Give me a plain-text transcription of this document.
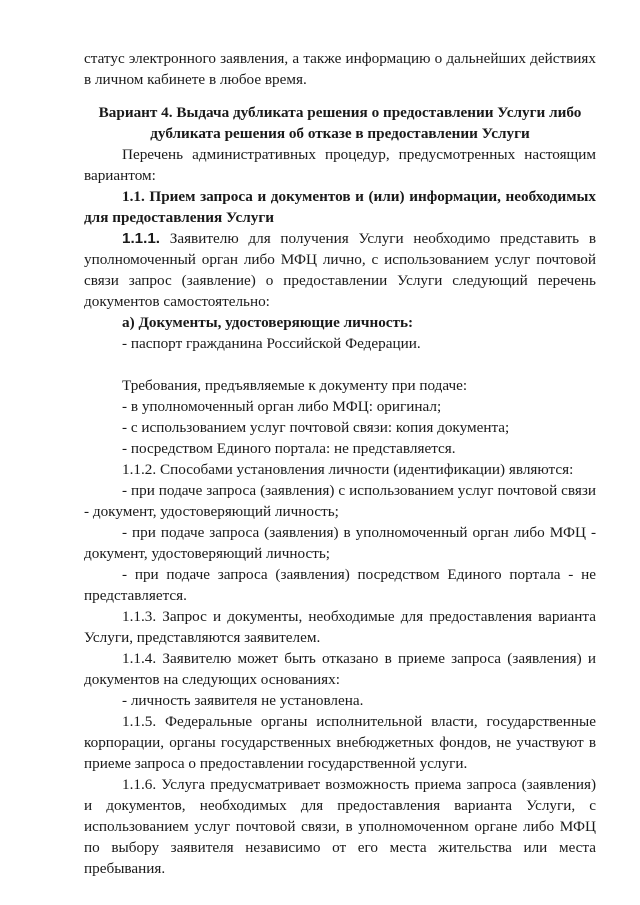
статус электронного заявления, а также информацию о дальнейших действиях в личном кабинете в любое время.

Вариант 4. Выдача дубликата решения о предоставлении Услуги либо дубликата решения об отказе в предоставлении Услуги

Перечень административных процедур, предусмотренных настоящим вариантом:

1.1. Прием запроса и документов и (или) информации, необходимых для предоставления Услуги

1.1.1. Заявителю для получения Услуги необходимо представить в уполномоченный орган либо МФЦ лично, с использованием услуг почтовой связи запрос (заявление) о предоставлении Услуги следующий перечень документов самостоятельно:

а) Документы, удостоверяющие личность:

- паспорт гражданина Российской Федерации.

Требования, предъявляемые к документу при подаче:

- в уполномоченный орган либо МФЦ: оригинал;

- с использованием услуг почтовой связи: копия документа;

- посредством Единого портала: не представляется.

1.1.2. Способами установления личности (идентификации) являются:

- при подаче запроса (заявления) с использованием услуг почтовой связи - документ, удостоверяющий личность;

- при подаче запроса (заявления) в уполномоченный орган либо МФЦ - документ, удостоверяющий личность;

- при подаче запроса (заявления) посредством Единого портала - не представляется.

1.1.3. Запрос и документы, необходимые для предоставления варианта Услуги, представляются заявителем.

1.1.4. Заявителю может быть отказано в приеме запроса (заявления) и документов на следующих основаниях:

- личность заявителя не установлена.

1.1.5. Федеральные органы исполнительной власти, государственные корпорации, органы государственных внебюджетных фондов, не участвуют в приеме запроса о предоставлении государственной услуги.

1.1.6. Услуга предусматривает возможность приема запроса (заявления) и документов, необходимых для предоставления варианта Услуги, с использованием услуг почтовой связи, в уполномоченном органе либо МФЦ по выбору заявителя независимо от его места жительства или места пребывания.
